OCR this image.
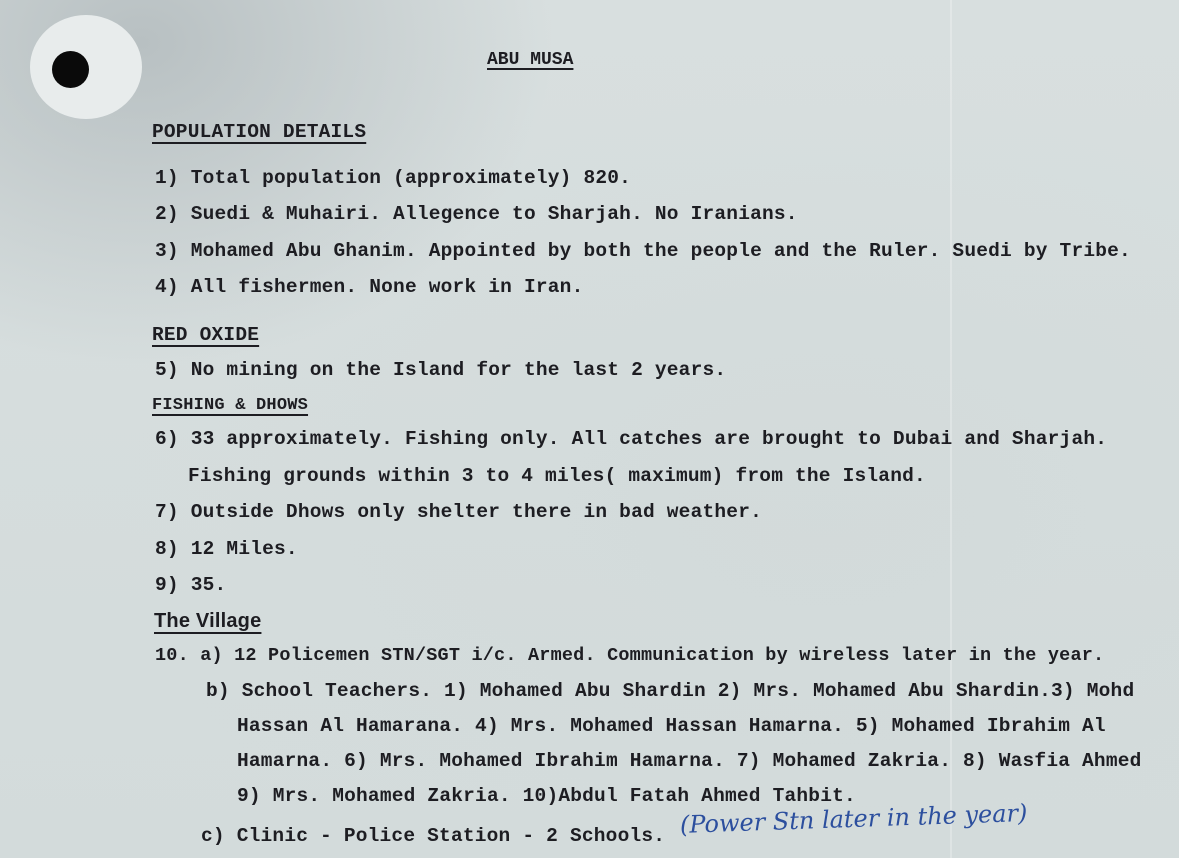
ABU MUSA
POPULATION DETAILS
1) Total population (approximately) 820.
2) Suedi & Muhairi. Allegence to Sharjah. No Iranians.
3) Mohamed Abu Ghanim. Appointed by both the people and the Ruler. Suedi by Tribe.
4) All fishermen. None work in Iran.
RED OXIDE
5) No mining on the Island for the last 2 years.
FISHING & DHOWS
6) 33 approximately. Fishing only. All catches are brought to Dubai and Sharjah.
Fishing grounds within 3 to 4 miles( maximum) from the Island.
7) Outside Dhows only shelter there in bad weather.
8) 12 Miles.
9) 35.
The Village
10. a) 12 Policemen STN/SGT i/c. Armed. Communication by wireless later in the year.
b) School Teachers. 1) Mohamed Abu Shardin 2) Mrs. Mohamed Abu Shardin.3) Mohd
Hassan Al Hamarana. 4) Mrs. Mohamed Hassan Hamarna. 5) Mohamed Ibrahim Al
Hamarna. 6) Mrs. Mohamed Ibrahim Hamarna. 7) Mohamed Zakria. 8) Wasfia Ahmed
9) Mrs. Mohamed Zakria. 10)Abdul Fatah Ahmed Tahbit.
c) Clinic - Police Station - 2 Schools. (Power Stn later in the year)
